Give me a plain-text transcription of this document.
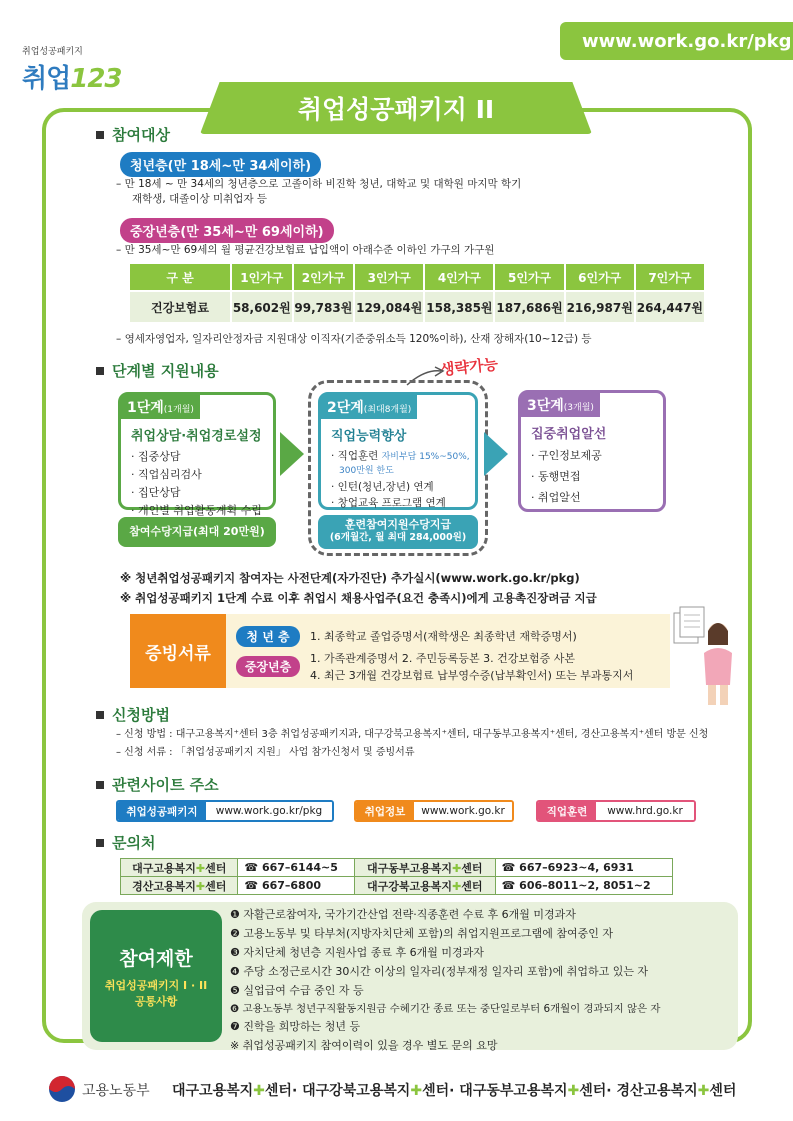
www.work.go.kr/pkg
취업성공패키지
취업123
취업성공패키지 II
참여대상
청년층(만 18세~만 34세이하)
– 만 18세 ~ 만 34세의 청년층으로 고졸이하 비진학 청년, 대학교 및 대학원 마지막 학기
재학생, 대졸이상 미취업자 등
중장년층(만 35세~만 69세이하)
– 만 35세~만 69세의 월 평균건강보험료 납입액이 아래수준 이하인 가구의 가구원
구 분	1인가구	2인가구	3인가구	4인가구	5인가구	6인가구	7인가구
건강보험료	58,602원	99,783원	129,084원	158,385원	187,686원	216,987원	264,447원
– 영세자영업자, 일자리안정자금 지원대상 이직자(기준중위소득 120%이하), 산재 장해자(10~12급) 등
단계별 지원내용	생략가능
1단계(1개월)
취업상담·취업경로설정
· 집중상담
· 직업심리검사
· 집단상담
· 개인별 취업활동계획 수립
참여수당지급(최대 20만원)
2단계(최대8개월)
직업능력향상
· 직업훈련 자비부담 15%~50%,
300만원 한도
· 인턴(청년,장년) 연계
· 창업교육 프로그램 연계
훈련참여지원수당지급
(6개월간, 월 최대 284,000원)
3단계(3개월)
집중취업알선
· 구인정보제공
· 동행면접
· 취업알선
※ 청년취업성공패키지 참여자는 사전단계(자가진단) 추가실시(www.work.go.kr/pkg)
※ 취업성공패키지 1단계 수료 이후 취업시 채용사업주(요건 충족시)에게 고용촉진장려금 지급
증빙서류
청 년 층	1. 최종학교 졸업증명서(재학생은 최종학년 재학증명서)
중장년층
1. 가족관계증명서 2. 주민등록등본 3. 건강보험증 사본
4. 최근 3개월 건강보험료 납부영수증(납부확인서) 또는 부과통지서
신청방법
– 신청 방법 : 대구고용복지⁺센터 3층 취업성공패키지과, 대구강북고용복지⁺센터, 대구동부고용복지⁺센터, 경산고용복지⁺센터 방문 신청
– 신청 서류 : 「취업성공패키지 지원」 사업 참가신청서 및 증빙서류
관련사이트 주소
취업성공패키지	www.work.go.kr/pkg	취업정보	www.work.go.kr	직업훈련	www.hrd.go.kr
문의처
대구고용복지✚센터	☎ 667–6144~5	대구동부고용복지✚센터	☎ 667–6923~4, 6931
경산고용복지✚센터	☎ 667–6800	대구강북고용복지✚센터	☎ 606–8011~2, 8051~2
참여제한
취업성공패키지 I · II
공통사항
❶ 자활근로참여자, 국가기간산업 전략·직종훈련 수료 후 6개월 미경과자
❷ 고용노동부 및 타부처(지방자치단체 포함)의 취업지원프로그램에 참여중인 자
❸ 자치단체 청년층 지원사업 종료 후 6개월 미경과자
❹ 주당 소정근로시간 30시간 이상의 일자리(정부재정 일자리 포함)에 취업하고 있는 자
❺ 실업급여 수급 중인 자 등
❻ 고용노동부 청년구직활동지원금 수혜기간 종료 또는 중단일로부터 6개월이 경과되지 않은 자
❼ 진학을 희망하는 청년 등
※ 취업성공패키지 참여이력이 있을 경우 별도 문의 요망
고용노동부 대구고용복지✚센터· 대구강북고용복지✚센터· 대구동부고용복지✚센터· 경산고용복지✚센터
